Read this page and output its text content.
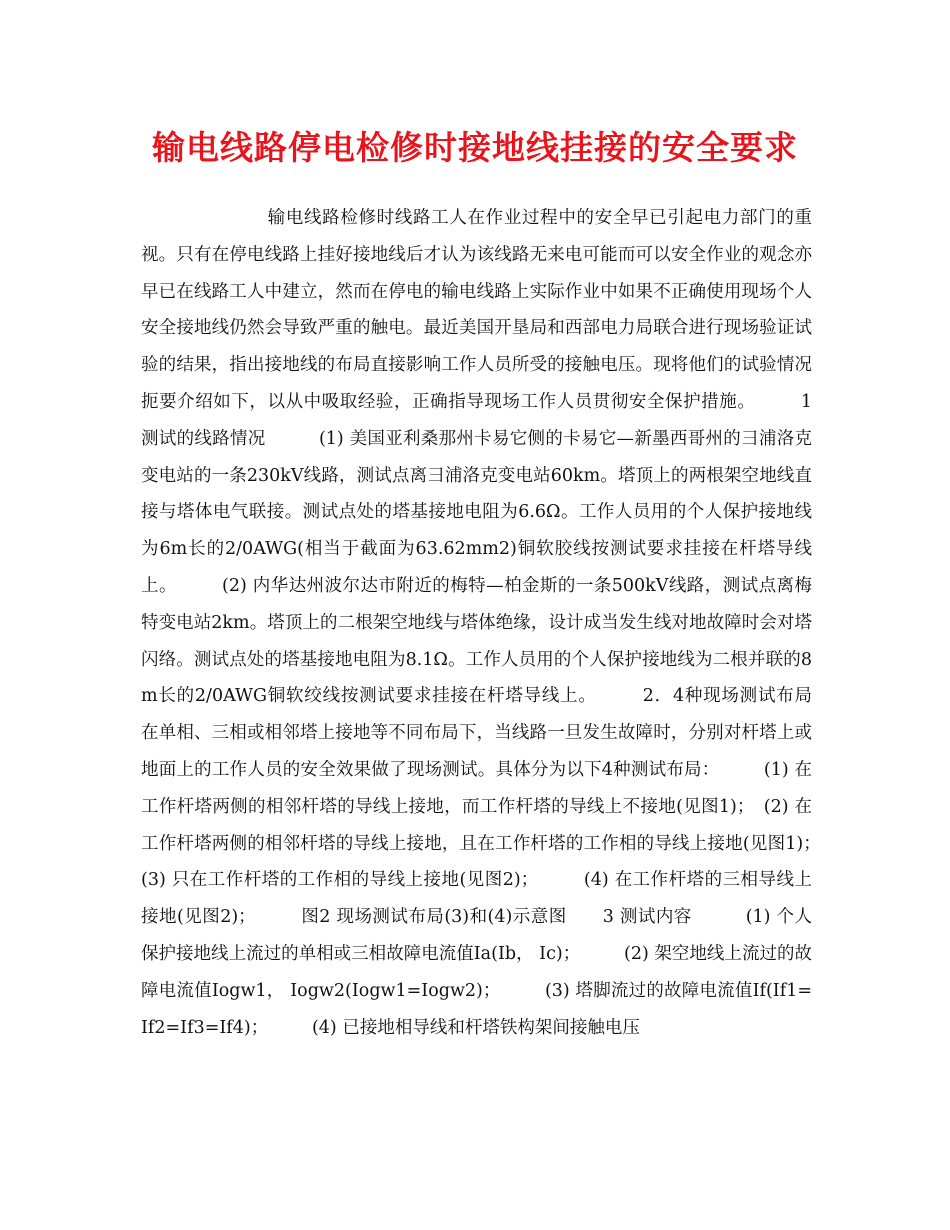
输电线路停电检修时接地线挂接的安全要求

输电线路检修时线路工人在作业过程中的安全早已引起电力部门的重视。只有在停电线路上挂好接地线后才认为该线路无来电可能而可以安全作业的观念亦早已在线路工人中建立，然而在停电的输电线路上实际作业中如果不正确使用现场个人安全接地线仍然会导致严重的触电。最近美国开垦局和西部电力局联合进行现场验证试验的结果，指出接地线的布局直接影响工作人员所受的接触电压。现将他们的试验情况扼要介绍如下，以从中吸取经验，正确指导现场工作人员贯彻安全保护措施。　　　1 测试的线路情况　　　(1) 美国亚利桑那州卡易它侧的卡易它—新墨西哥州的彐浦洛克变电站的一条230kV线路，测试点离彐浦洛克变电站60km。塔顶上的两根架空地线直接与塔体电气联接。测试点处的塔基接地电阻为6.6Ω。工作人员用的个人保护接地线为6m长的2/0AWG(相当于截面为63.62mm2)铜软胶线按测试要求挂接在杆塔导线上。　　　(2) 内华达州波尔达市附近的梅特—柏金斯的一条500kV线路，测试点离梅特变电站2km。塔顶上的二根架空地线与塔体绝缘，设计成当发生线对地故障时会对塔闪络。测试点处的塔基接地电阻为8.1Ω。工作人员用的个人保护接地线为二根并联的8m长的2/0AWG铜软绞线按测试要求挂接在杆塔导线上。　　　2．4种现场测试布局　　　　　在单相、三相或相邻塔上接地等不同布局下，当线路一旦发生故障时，分别对杆塔上或地面上的工作人员的安全效果做了现场测试。具体分为以下4种测试布局：　　　(1) 在工作杆塔两侧的相邻杆塔的导线上接地，而工作杆塔的导线上不接地(见图1)；　(2) 在工作杆塔两侧的相邻杆塔的导线上接地，且在工作杆塔的工作相的导线上接地(见图1)；　　　(3) 只在工作杆塔的工作相的导线上接地(见图2)；　　　(4) 在工作杆塔的三相导线上接地(见图2)；　　　图2 现场测试布局(3)和(4)示意图　　3 测试内容　　　(1) 个人保护接地线上流过的单相或三相故障电流值Ia(Ib， Ic)；　　　(2) 架空地线上流过的故障电流值Iogw1， Iogw2(Iogw1=Iogw2)；　　　(3) 塔脚流过的故障电流值If(If1=If2=If3=If4)；　　　(4) 已接地相导线和杆塔铁构架间接触电压
